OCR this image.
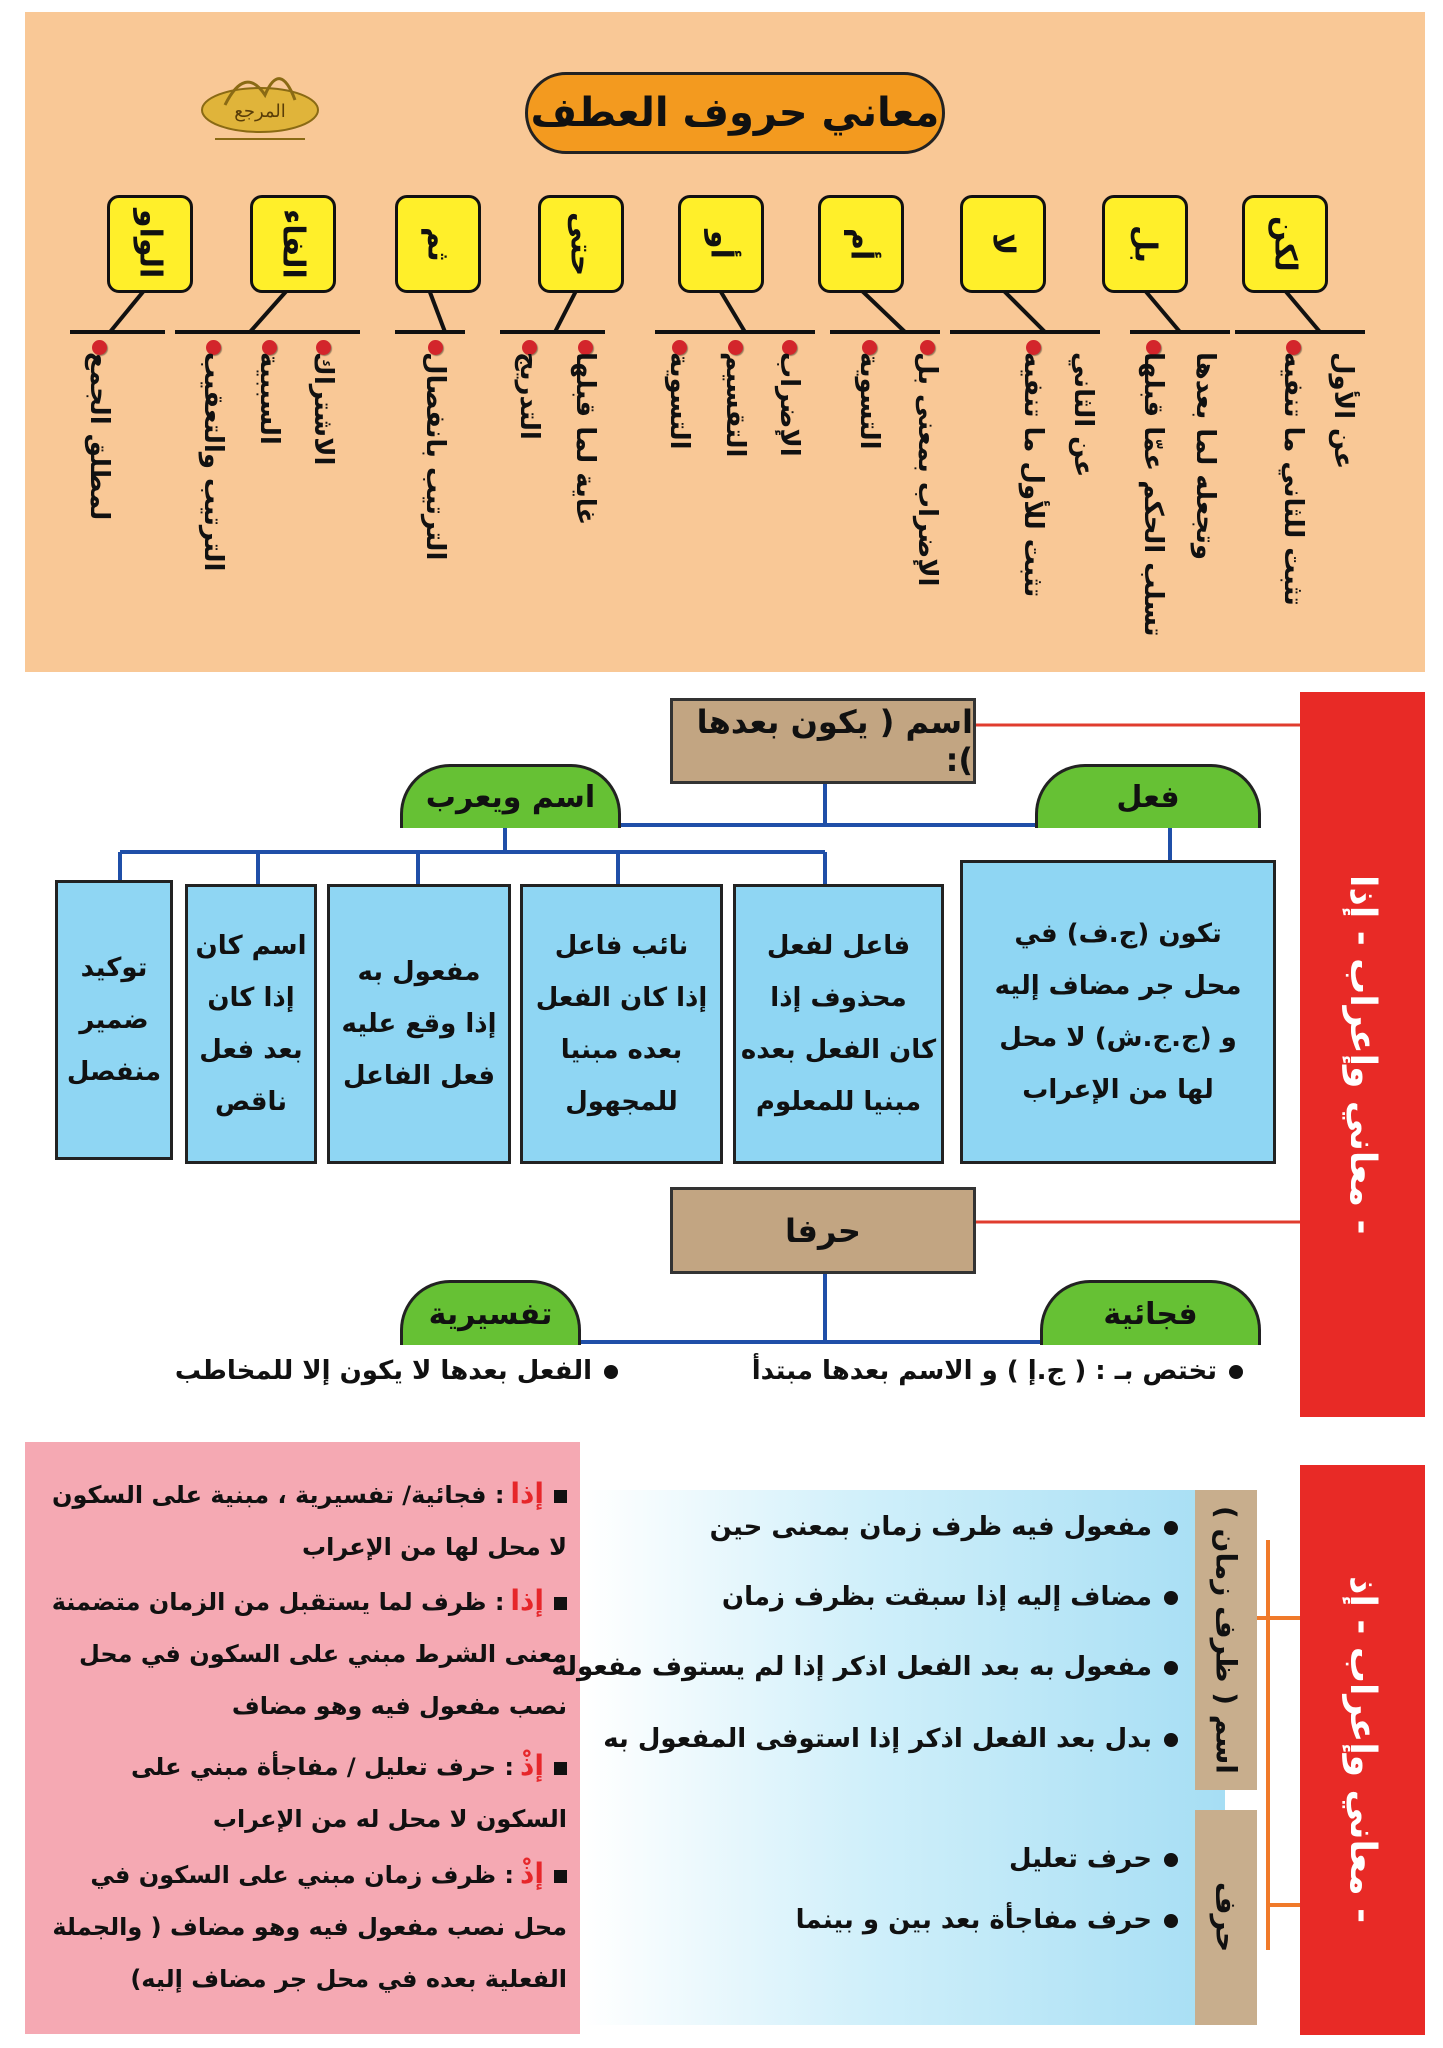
معاني حروف العطف
المرجع
لكن
بل
لا
أم
أو
حتى
ثم
الفاء
الواو
تثبت للثاني ما تنفيه عن الأول
تسلب الحكم عمّا قبلها وتجعله لما بعدها
تثبت للأول ما تنفيه عن الثاني
الإضراب بمعنى بل
التسوية
الإضراب
التقسيم
التسوية
غاية لما قبلها
التدريج
الترتيب بانفصال
الاشتراك
السببية
الترتيب والتعقيب
لمطلق الجمع
معاني وإعراب - إذا -
اسم ( يكون بعدها ):
فعل
اسم ويعرب
تكون (ج.ف) في
محل جر مضاف إليه
و (ج.ج.ش) لا محل
لها من الإعراب
فاعل لفعل
محذوف إذا
كان الفعل بعده
مبنيا للمعلوم
نائب فاعل
إذا كان الفعل
بعده مبنيا
للمجهول
مفعول به
إذا وقع عليه
فعل الفاعل
اسم كان
إذا كان
بعد فعل
ناقص
توكيد
ضمير
منفصل
حرفا
فجائية
تفسيرية
تختص بـ : ( ج.إ ) و الاسم بعدها مبتدأ
الفعل بعدها لا يكون إلا للمخاطب
إذا: فجائية/ تفسيرية ، مبنية على السكون لا محل لها من الإعراب
إذا: ظرف لما يستقبل من الزمان متضمنة معنى الشرط مبني على السكون في محل نصب مفعول فيه وهو مضاف
إذْ: حرف تعليل / مفاجأة مبني على السكون لا محل له من الإعراب
إذْ: ظرف زمان مبني على السكون في محل نصب مفعول فيه وهو مضاف ( والجملة الفعلية بعده في محل جر مضاف إليه)
معاني وإعراب - إذ -
اسم ( ظرف زمان )
حرف
مفعول فيه ظرف زمان بمعنى حين
مضاف إليه إذا سبقت بظرف زمان
مفعول به بعد الفعل اذكر إذا لم يستوف مفعوله
بدل بعد الفعل اذكر إذا استوفى المفعول به
حرف تعليل
حرف مفاجأة بعد بين و بينما
